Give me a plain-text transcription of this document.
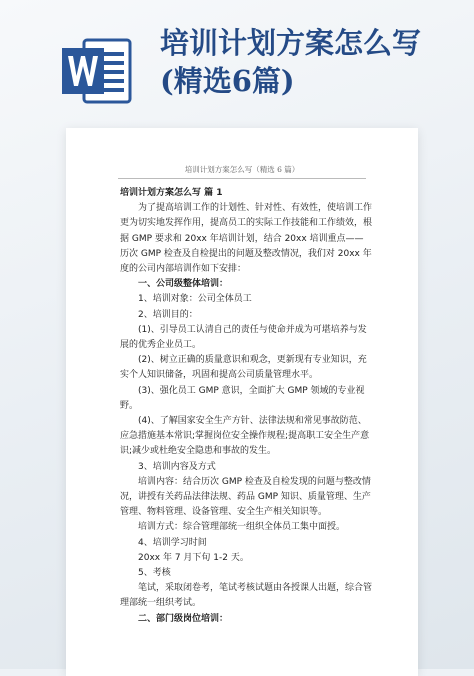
培训计划方案怎么写(精选6篇)
培训计划方案怎么写（精选 6 篇）

培训计划方案怎么写 篇 1

为了提高培训工作的计划性、针对性、有效性，使培训工作更为切实地发挥作用，提高员工的实际工作技能和工作绩效，根据 GMP 要求和 20xx 年培训计划，结合 20xx 培训重点——历次 GMP 检查及自检提出的问题及整改情况，我们对 20xx 年度的公司内部培训作如下安排：

一、公司级整体培训：

1、培训对象：公司全体员工

2、培训目的：

(1)、引导员工认清自己的责任与使命并成为可堪培养与发展的优秀企业员工。

(2)、树立正确的质量意识和观念，更新现有专业知识，充实个人知识储备，巩固和提高公司质量管理水平。

(3)、强化员工 GMP 意识，全面扩大 GMP 领域的专业视野。

(4)、了解国家安全生产方针、法律法规和常见事故防范、应急措施基本常识;掌握岗位安全操作规程;提高职工安全生产意识;减少或杜绝安全隐患和事故的发生。

3、培训内容及方式

培训内容：结合历次 GMP 检查及自检发现的问题与整改情况，讲授有关药品法律法规、药品 GMP 知识、质量管理、生产管理、物料管理、设备管理、安全生产相关知识等。

培训方式：综合管理部统一组织全体员工集中面授。

4、培训学习时间

20xx 年 7 月下旬 1-2 天。

5、考核

笔试，采取闭卷考，笔试考核试题由各授课人出题，综合管理部统一组织考试。

二、部门级岗位培训：
